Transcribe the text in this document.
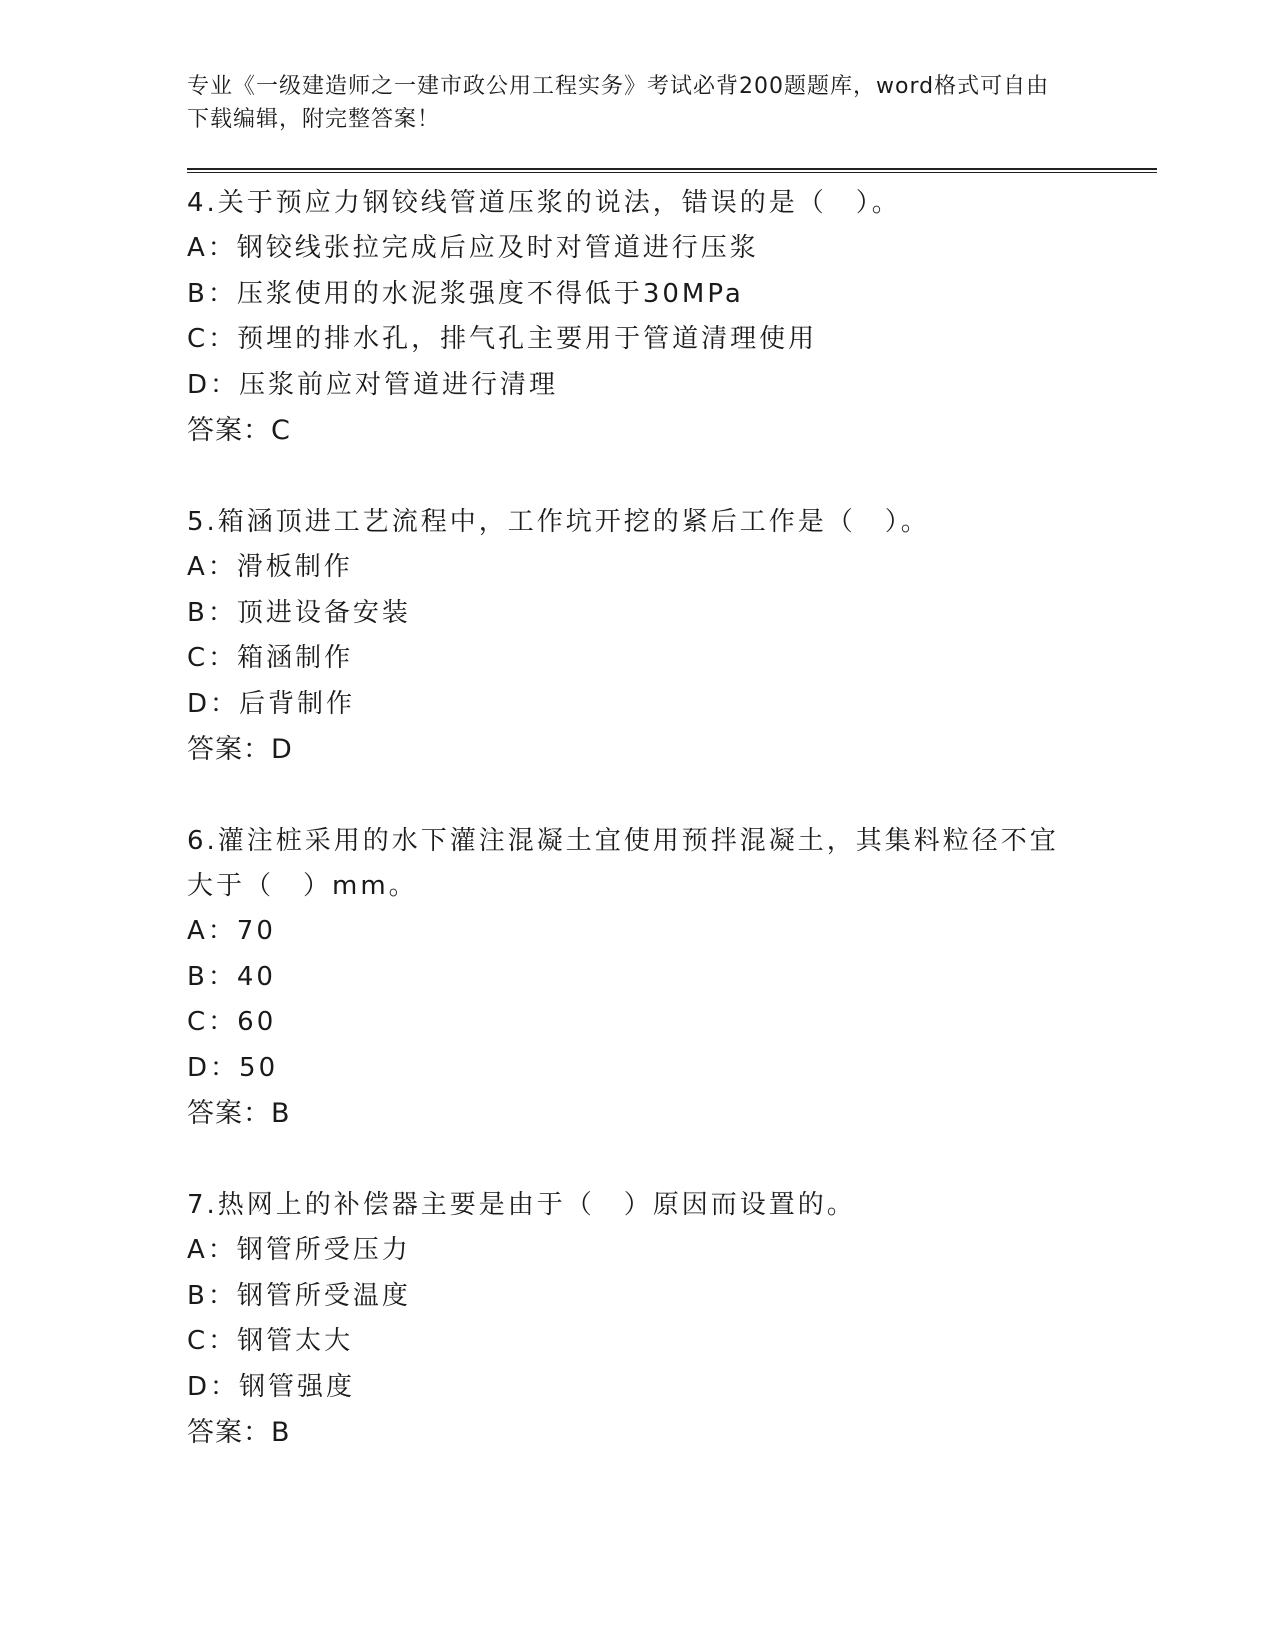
专业《一级建造师之一建市政公用工程实务》考试必背200题题库，word格式可自由下载编辑，附完整答案！

4.关于预应力钢铰线管道压浆的说法，错误的是（　）。

A：钢铰线张拉完成后应及时对管道进行压浆

B：压浆使用的水泥浆强度不得低于30MPa

C：预埋的排水孔，排气孔主要用于管道清理使用

D：压浆前应对管道进行清理

答案：C

5.箱涵顶进工艺流程中，工作坑开挖的紧后工作是（　）。

A：滑板制作

B：顶进设备安装

C：箱涵制作

D：后背制作

答案：D

6.灌注桩采用的水下灌注混凝土宜使用预拌混凝土，其集料粒径不宜大于（　）mm。

A：70

B：40

C：60

D：50

答案：B

7.热网上的补偿器主要是由于（　）原因而设置的。

A：钢管所受压力

B：钢管所受温度

C：钢管太大

D：钢管强度

答案：B
